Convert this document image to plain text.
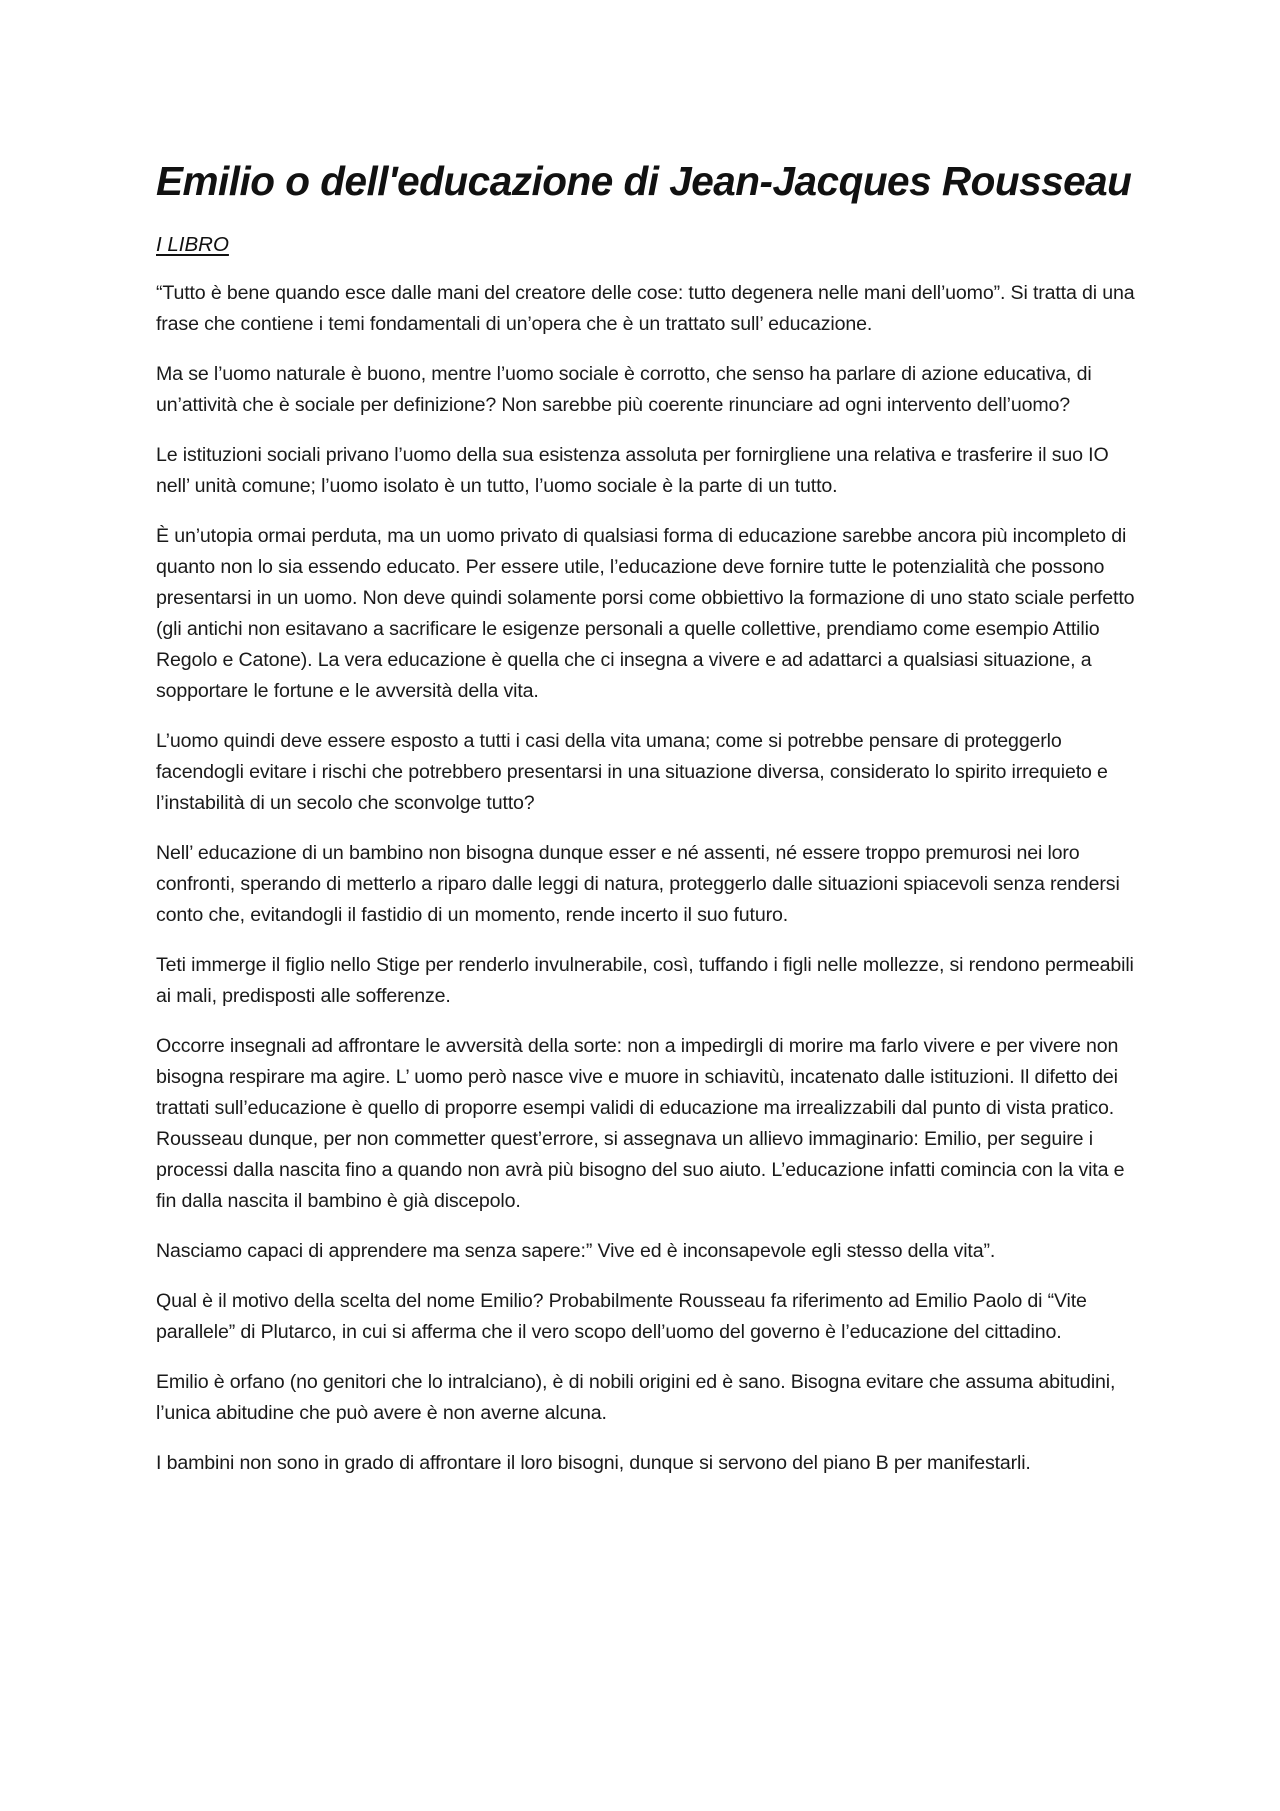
Emilio o dell'educazione di Jean-Jacques Rousseau
I LIBRO

“Tutto è bene quando esce dalle mani del creatore delle cose: tutto degenera nelle mani dell’uomo”. Si tratta di una frase che contiene i temi fondamentali di un’opera che è un trattato sull’ educazione.

Ma se l’uomo naturale è buono, mentre l’uomo sociale è corrotto, che senso ha parlare di azione educativa, di un’attività che è sociale per definizione? Non sarebbe più coerente rinunciare ad ogni intervento dell’uomo?

Le istituzioni sociali privano l’uomo della sua esistenza assoluta per fornirgliene una relativa e trasferire il suo IO nell’ unità comune; l’uomo isolato è un tutto, l’uomo sociale è la parte di un tutto.

È un’utopia ormai perduta, ma un uomo privato di qualsiasi forma di educazione sarebbe ancora più incompleto di quanto non lo sia essendo educato. Per essere utile, l’educazione deve fornire tutte le potenzialità che possono presentarsi in un uomo. Non deve quindi solamente porsi come obbiettivo la formazione di uno stato sciale perfetto (gli antichi non esitavano a sacrificare le esigenze personali a quelle collettive, prendiamo come esempio Attilio Regolo e Catone). La vera educazione è quella che ci insegna a vivere e ad adattarci a qualsiasi situazione, a sopportare le fortune e le avversità della vita.

L’uomo quindi deve essere esposto a tutti i casi della vita umana; come si potrebbe pensare di proteggerlo facendogli evitare i rischi che potrebbero presentarsi in una situazione diversa, considerato lo spirito irrequieto e l’instabilità di un secolo che sconvolge tutto?

Nell’ educazione di un bambino non bisogna dunque esser e né assenti, né essere troppo premurosi nei loro confronti, sperando di metterlo a riparo dalle leggi di natura, proteggerlo dalle situazioni spiacevoli senza rendersi conto che, evitandogli il fastidio di un momento, rende incerto il suo futuro.

Teti immerge il figlio nello Stige per renderlo invulnerabile, così, tuffando i figli nelle mollezze, si rendono permeabili ai mali, predisposti alle sofferenze.

Occorre insegnali ad affrontare le avversità della sorte: non a impedirgli di morire ma farlo vivere e per vivere non bisogna respirare ma agire. L’ uomo però nasce vive e muore in schiavitù, incatenato dalle istituzioni. Il difetto dei trattati sull’educazione è quello di proporre esempi validi di educazione ma irrealizzabili dal punto di vista pratico. Rousseau dunque, per non commetter quest’errore, si assegnava un allievo immaginario: Emilio, per seguire i processi dalla nascita fino a quando non avrà più bisogno del suo aiuto. L’educazione infatti comincia con la vita e fin dalla nascita il bambino è già discepolo.

Nasciamo capaci di apprendere ma senza sapere:” Vive ed è inconsapevole egli stesso della vita”.

Qual è il motivo della scelta del nome Emilio? Probabilmente Rousseau fa riferimento ad Emilio Paolo di “Vite parallele” di Plutarco, in cui si afferma che il vero scopo dell’uomo del governo è l’educazione del cittadino.

Emilio è orfano (no genitori che lo intralciano), è di nobili origini ed è sano. Bisogna evitare che assuma abitudini, l’unica abitudine che può avere è non averne alcuna.

I bambini non sono in grado di affrontare il loro bisogni, dunque si servono del piano B per manifestarli.
